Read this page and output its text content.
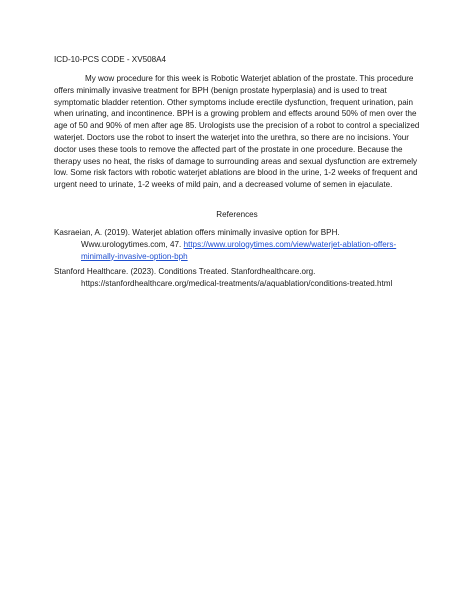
ICD-10-PCS CODE - XV508A4

My wow procedure for this week is Robotic Waterjet ablation of the prostate. This procedure offers minimally invasive treatment for BPH (benign prostate hyperplasia) and is used to treat symptomatic bladder retention. Other symptoms include erectile dysfunction, frequent urination, pain when urinating, and incontinence. BPH is a growing problem and effects around 50% of men over the age of 50 and 90% of men after age 85. Urologists use the precision of a robot to control a specialized waterjet. Doctors use the robot to insert the waterjet into the urethra, so there are no incisions. Your doctor uses these tools to remove the affected part of the prostate in one procedure. Because the therapy uses no heat, the risks of damage to surrounding areas and sexual dysfunction are extremely low. Some risk factors with robotic waterjet ablations are blood in the urine, 1-2 weeks of frequent and urgent need to urinate, 1-2 weeks of mild pain, and a decreased volume of semen in ejaculate.

References

Kasraeian, A. (2019). Waterjet ablation offers minimally invasive option for BPH. Www.urologytimes.com, 47. https://www.urologytimes.com/view/waterjet-ablation-offers-minimally-invasive-option-bph

Stanford Healthcare. (2023). Conditions Treated. Stanfordhealthcare.org. https://stanfordhealthcare.org/medical-treatments/a/aquablation/conditions-treated.html
